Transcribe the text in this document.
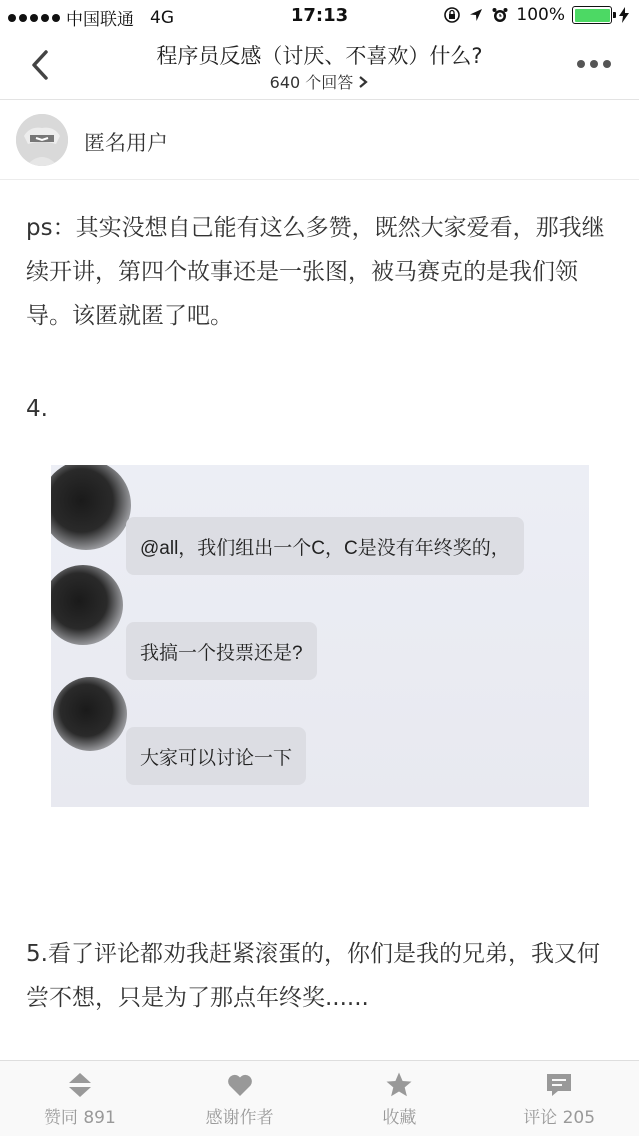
中国联通 4G	17:13	100%
程序员反感（讨厌、不喜欢）什么?
640 个回答
匿名用户

ps：其实没想自己能有这么多赞，既然大家爱看，那我继续开讲，第四个故事还是一张图，被马赛克的是我们领导。该匿就匿了吧。

4.

5.看了评论都劝我赶紧滚蛋的，你们是我的兄弟，我又何尝不想，只是为了那点年终奖......

@all，我们组出一个C，C是没有年终奖的，
我搞一个投票还是?
大家可以讨论一下
赞同 891	感谢作者	收藏	评论 205
